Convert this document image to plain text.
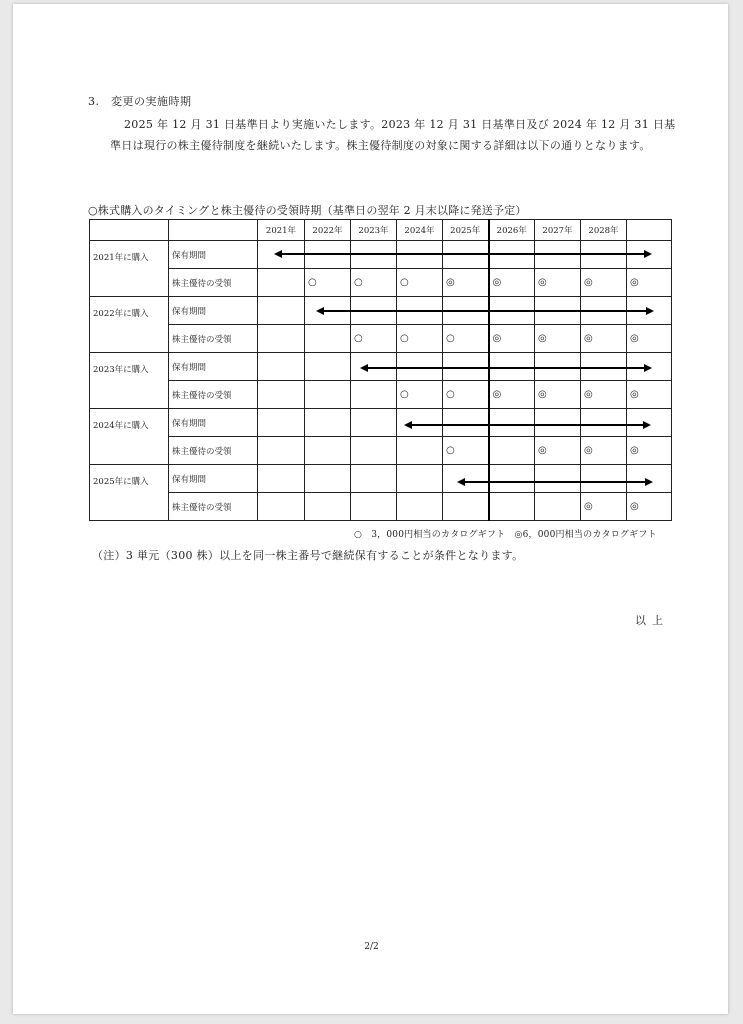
3.　変更の実施時期
2025 年 12 月 31 日基準日より実施いたします。2023 年 12 月 31 日基準日及び 2024 年 12 月 31 日基準日は現行の株主優待制度を継続いたします。株主優待制度の対象に関する詳細は以下の通りとなります。
○株式購入のタイミングと株主優待の受領時期（基準日の翌年 2 月末以降に発送予定）
		2021年	2022年	2023年	2024年	2025年	2026年	2027年	2028年	
2021年に購入	保有期間									
	株主優待の受領		○	○	○	◎	◎	◎	◎	◎
2022年に購入	保有期間									
	株主優待の受領			○	○	○	◎	◎	◎	◎
2023年に購入	保有期間									
	株主優待の受領				○	○	◎	◎	◎	◎
2024年に購入	保有期間									
	株主優待の受領					○		◎	◎	◎
2025年に購入	保有期間									
	株主優待の受領								◎	◎
○　3，000円相当のカタログギフト　◎6，000円相当のカタログギフト
（注）3 単元（300 株）以上を同一株主番号で継続保有することが条件となります。
以上
2/2
